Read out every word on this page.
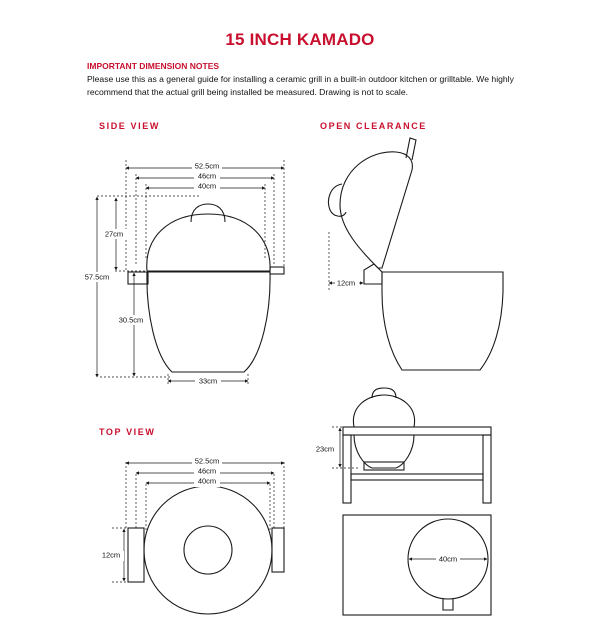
15 INCH KAMADO
IMPORTANT DIMENSION NOTES
Please use this as a general guide for installing a ceramic grill in a built-in outdoor kitchen or grilltable. We highly recommend that the actual grill being installed be measured. Drawing is not to scale.
SIDE VIEW	OPEN CLEARANCE
TOP VIEW
52.5cm
46cm
40cm
27cm
57.5cm
30.5cm
33cm
12cm
52.5cm
46cm
40cm
12cm
23cm
40cm
